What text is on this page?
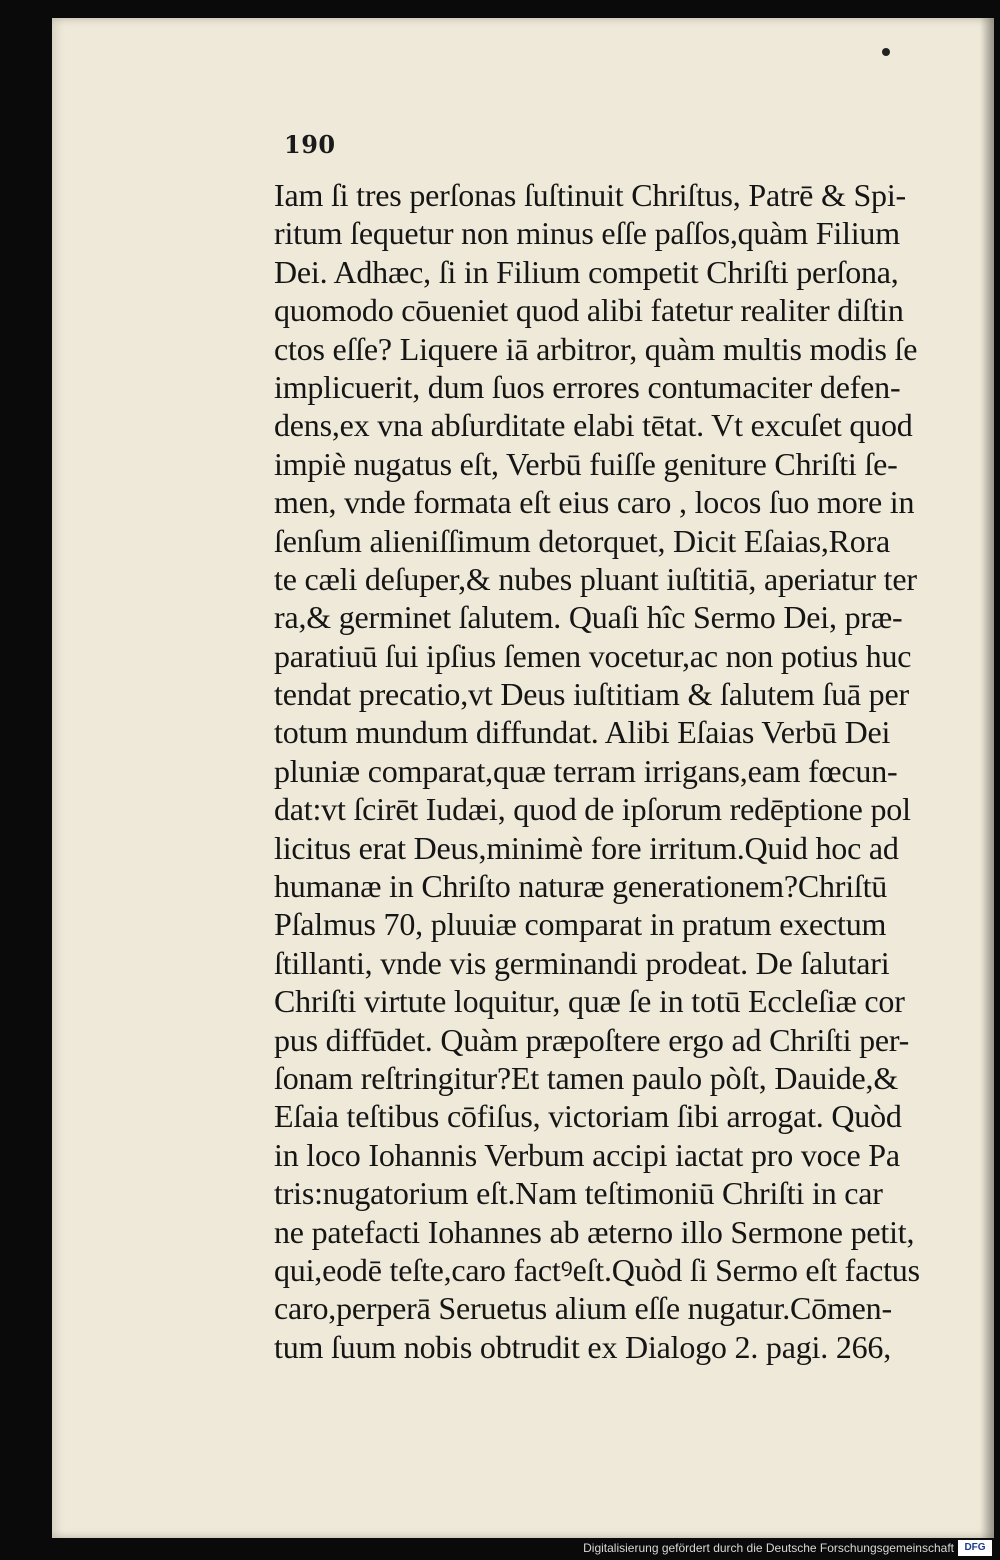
190
Iam ſi tres perſonas ſuſtinuit Chriſtus, Patrē & Spi-
ritum ſequetur non minus eſſe paſſos,quàm Filium
Dei. Adhæc, ſi in Filium competit Chriſti perſona,
quomodo cōueniet quod alibi fatetur realiter diſtin
ctos eſſe? Liquere iā arbitror, quàm multis modis ſe
implicuerit, dum ſuos errores contumaciter defen-
dens,ex vna abſurditate elabi tētat. Vt excuſet quod
impiè nugatus eſt, Verbū fuiſſe geniture Chriſti ſe-
men, vnde formata eſt eius caro , locos ſuo more in
ſenſum alieniſſimum detorquet, Dicit Eſaias,Rora
te cæli deſuper,& nubes pluant iuſtitiā, aperiatur ter
ra,& germinet ſalutem. Quaſi hîc Sermo Dei, præ-
paratiuū ſui ipſius ſemen vocetur,ac non potius huc
tendat precatio,vt Deus iuſtitiam & ſalutem ſuā per
totum mundum diffundat. Alibi Eſaias Verbū Dei
pluniæ comparat,quæ terram irrigans,eam fœcun-
dat:vt ſcirēt Iudæi, quod de ipſorum redēptione pol
licitus erat Deus,minimè fore irritum.Quid hoc ad
humanæ in Chriſto naturæ generationem?Chriſtū
Pſalmus 70, pluuiæ comparat in pratum exectum
ſtillanti, vnde vis germinandi prodeat. De ſalutari
Chriſti virtute loquitur, quæ ſe in totū Eccleſiæ cor
pus diffūdet. Quàm præpoſtere ergo ad Chriſti per-
ſonam reſtringitur?Et tamen paulo pòſt, Dauide,&
Eſaia teſtibus cōfiſus, victoriam ſibi arrogat. Quòd
in loco Iohannis Verbum accipi iactat pro voce Pa
tris:nugatorium eſt.Nam teſtimoniū Chriſti in car
ne patefacti Iohannes ab æterno illo Sermone petit,
qui,eodē teſte,caro factꝰeſt.Quòd ſi Sermo eſt factus
caro,perperā Seruetus alium eſſe nugatur.Cōmen-
tum ſuum nobis obtrudit ex Dialogo 2. pagi. 266,
Digitalisierung gefördert durch die Deutsche Forschungsgemeinschaft	DFG
